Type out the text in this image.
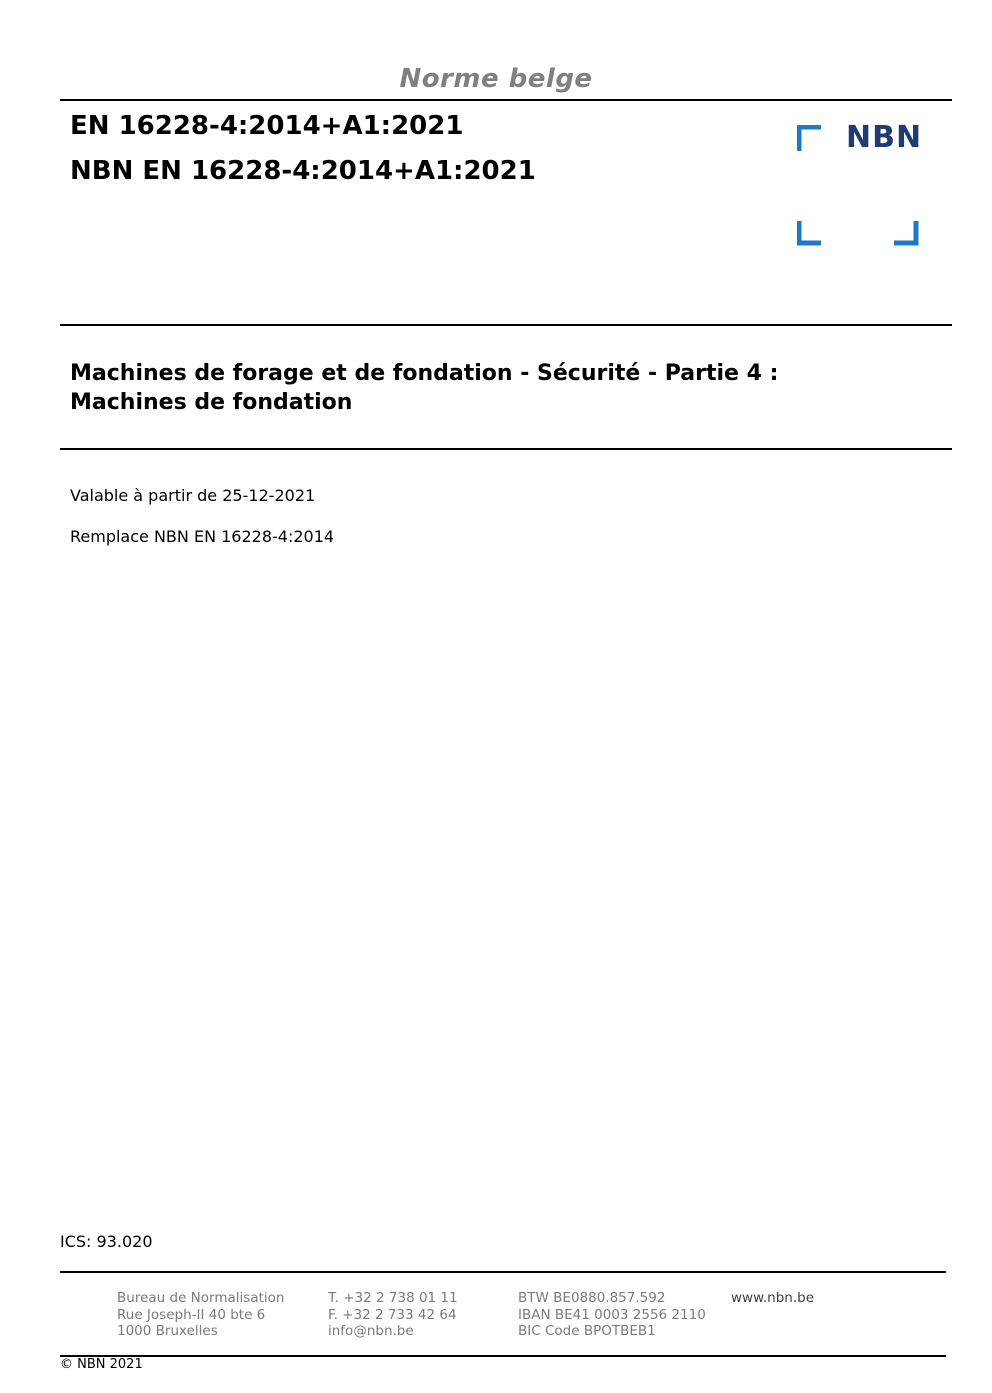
Norme belge
EN 16228-4:2014+A1:2021
NBN EN 16228-4:2014+A1:2021
NBN
Machines de forage et de fondation - Sécurité - Partie 4 :
Machines de fondation
Valable à partir de 25-12-2021
Remplace NBN EN 16228-4:2014
ICS: 93.020
Bureau de Normalisation
Rue Joseph-II 40 bte 6
1000 Bruxelles
T. +32 2 738 01 11
F. +32 2 733 42 64
info@nbn.be
BTW BE0880.857.592
IBAN BE41 0003 2556 2110
BIC Code BPOTBEB1
www.nbn.be
© NBN 2021
